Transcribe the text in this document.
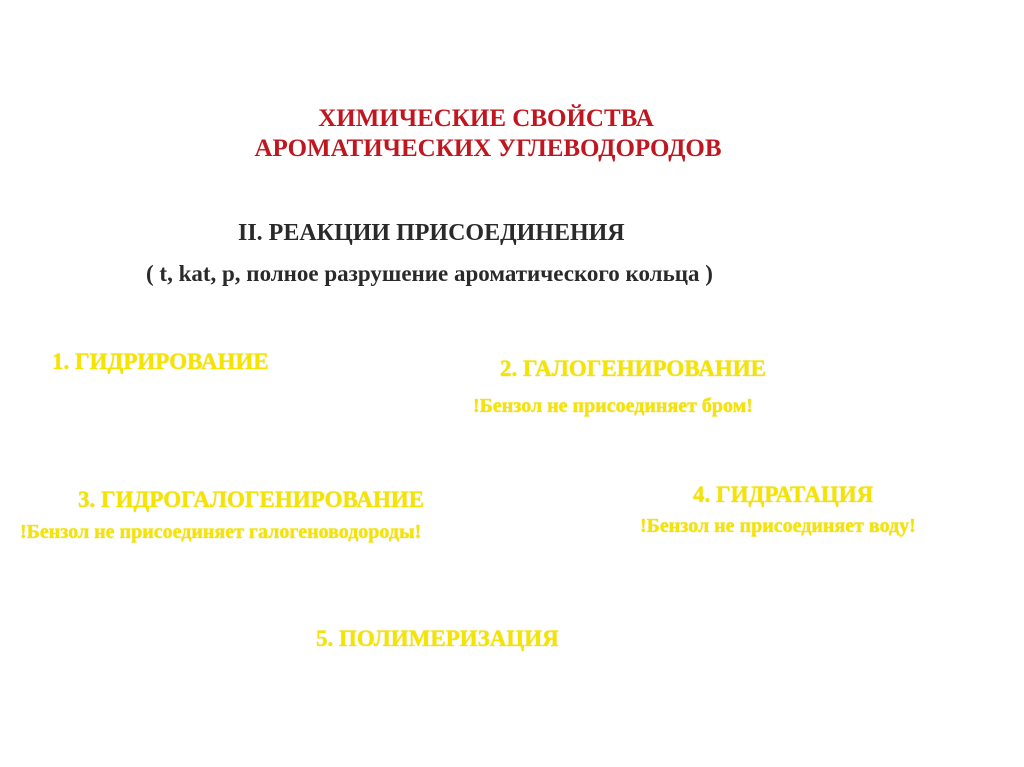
ХИМИЧЕСКИЕ СВОЙСТВА
АРОМАТИЧЕСКИХ УГЛЕВОДОРОДОВ
II. РЕАКЦИИ ПРИСОЕДИНЕНИЯ
( t, kat, p, полное разрушение ароматического кольца )
1. ГИДРИРОВАНИЕ	2. ГАЛОГЕНИРОВАНИЕ
!Бензол не присоединяет бром!
3. ГИДРОГАЛОГЕНИРОВАНИЕ
!Бензол не присоединяет галогеноводороды!
4. ГИДРАТАЦИЯ
!Бензол не присоединяет воду!
5. ПОЛИМЕРИЗАЦИЯ
